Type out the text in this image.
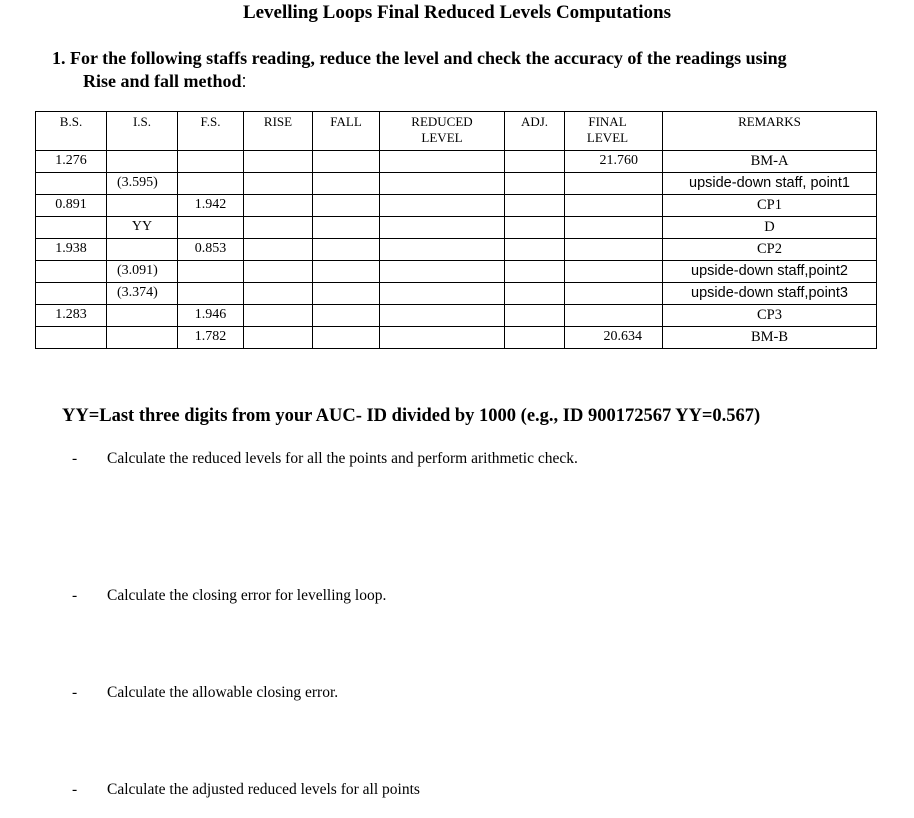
Levelling Loops Final Reduced Levels Computations
1. For the following staffs reading, reduce the level and check the accuracy of the readings using
Rise and fall method:
B.S.	I.S.	F.S.	RISE	FALL	REDUCED LEVEL	ADJ.	FINAL LEVEL	REMARKS
1.276							21.760	BM-A
	(3.595)							upside-down staff, point1
0.891		1.942						CP1
	YY							D
1.938		0.853						CP2
	(3.091)							upside-down staff,point2
	(3.374)							upside-down staff,point3
1.283		1.946						CP3
		1.782					20.634	BM-B
YY=Last three digits from your AUC- ID divided by 1000 (e.g., ID 900172567 YY=0.567)
- Calculate the reduced levels for all the points and perform arithmetic check.
- Calculate the closing error for levelling loop.
- Calculate the allowable closing error.
- Calculate the adjusted reduced levels for all points
